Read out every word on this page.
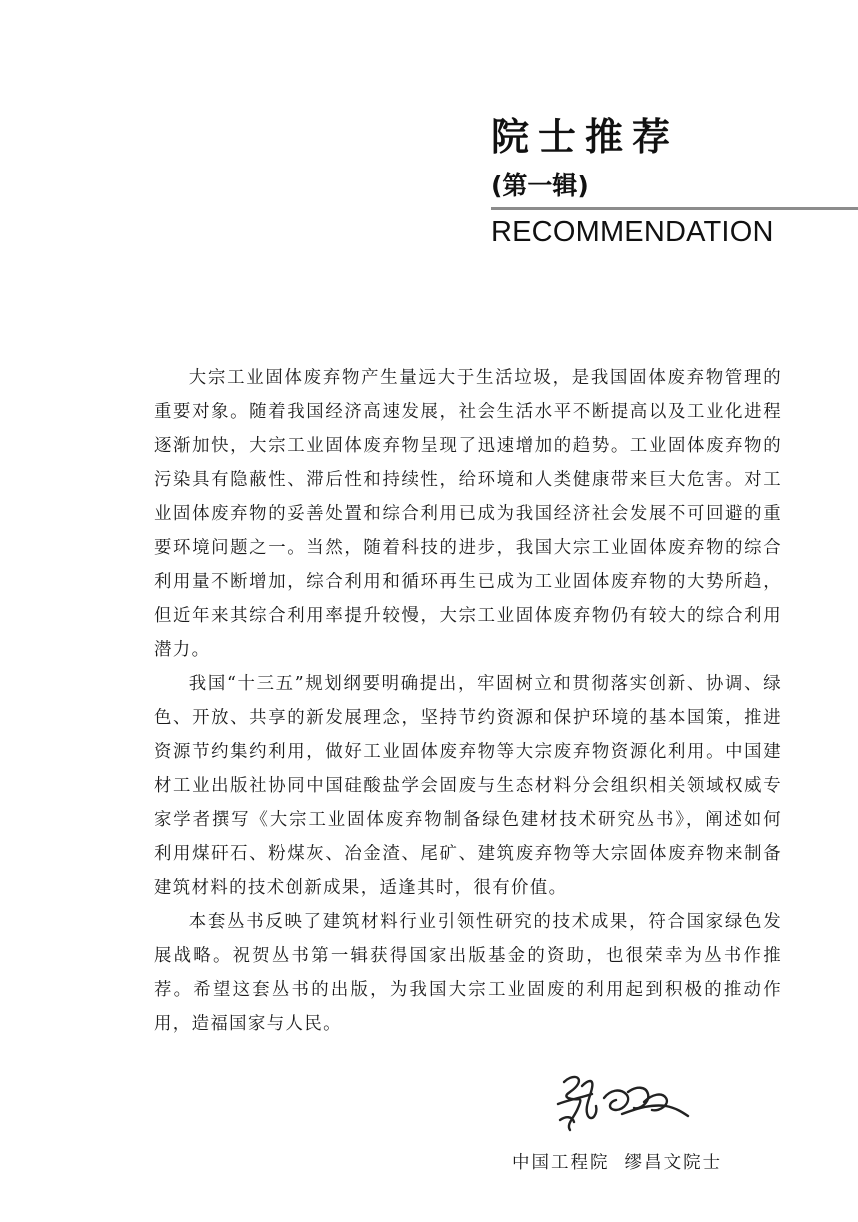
院士推荐
(第一辑)
RECOMMENDATION

大宗工业固体废弃物产生量远大于生活垃圾，是我国固体废弃物管理的重要对象。随着我国经济高速发展，社会生活水平不断提高以及工业化进程逐渐加快，大宗工业固体废弃物呈现了迅速增加的趋势。工业固体废弃物的污染具有隐蔽性、滞后性和持续性，给环境和人类健康带来巨大危害。对工业固体废弃物的妥善处置和综合利用已成为我国经济社会发展不可回避的重要环境问题之一。当然，随着科技的进步，我国大宗工业固体废弃物的综合利用量不断增加，综合利用和循环再生已成为工业固体废弃物的大势所趋，但近年来其综合利用率提升较慢，大宗工业固体废弃物仍有较大的综合利用潜力。

我国“十三五”规划纲要明确提出，牢固树立和贯彻落实创新、协调、绿色、开放、共享的新发展理念，坚持节约资源和保护环境的基本国策，推进资源节约集约利用，做好工业固体废弃物等大宗废弃物资源化利用。中国建材工业出版社协同中国硅酸盐学会固废与生态材料分会组织相关领域权威专家学者撰写《大宗工业固体废弃物制备绿色建材技术研究丛书》，阐述如何利用煤矸石、粉煤灰、冶金渣、尾矿、建筑废弃物等大宗固体废弃物来制备建筑材料的技术创新成果，适逢其时，很有价值。

本套丛书反映了建筑材料行业引领性研究的技术成果，符合国家绿色发展战略。祝贺丛书第一辑获得国家出版基金的资助，也很荣幸为丛书作推荐。希望这套丛书的出版，为我国大宗工业固废的利用起到积极的推动作用，造福国家与人民。

中国工程院  缪昌文院士
